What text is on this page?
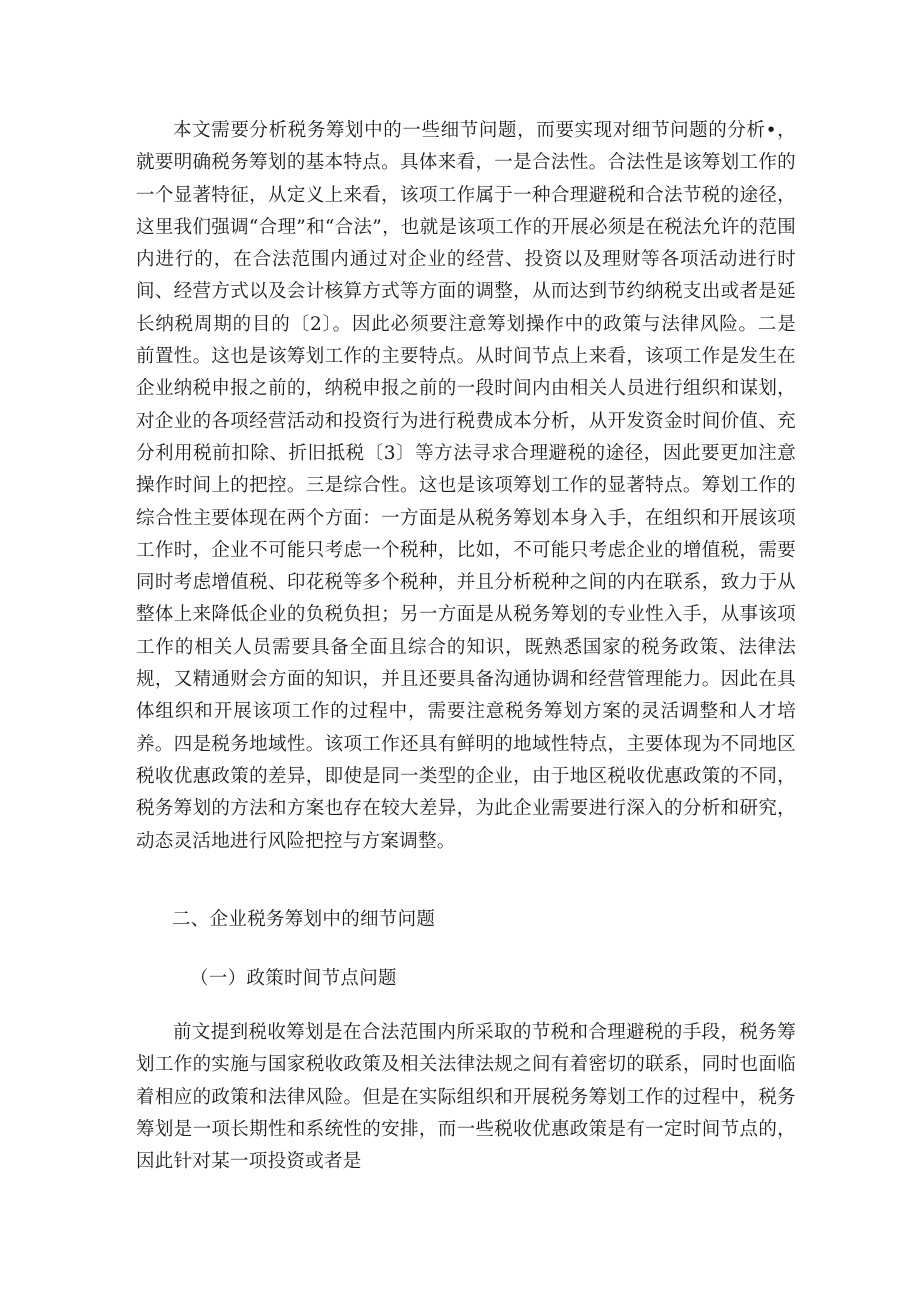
本文需要分析税务筹划中的一些细节问题，而要实现对细节问题的分析•，就要明确税务筹划的基本特点。具体来看，一是合法性。合法性是该筹划工作的一个显著特征，从定义上来看，该项工作属于一种合理避税和合法节税的途径，这里我们强调“合理”和“合法”，也就是该项工作的开展必须是在税法允许的范围内进行的，在合法范围内通过对企业的经营、投资以及理财等各项活动进行时间、经营方式以及会计核算方式等方面的调整，从而达到节约纳税支出或者是延长纳税周期的目的〔2〕。因此必须要注意筹划操作中的政策与法律风险。二是前置性。这也是该筹划工作的主要特点。从时间节点上来看，该项工作是发生在企业纳税申报之前的，纳税申报之前的一段时间内由相关人员进行组织和谋划，对企业的各项经营活动和投资行为进行税费成本分析，从开发资金时间价值、充分利用税前扣除、折旧抵税〔3〕等方法寻求合理避税的途径，因此要更加注意操作时间上的把控。三是综合性。这也是该项筹划工作的显著特点。筹划工作的综合性主要体现在两个方面：一方面是从税务筹划本身入手，在组织和开展该项工作时，企业不可能只考虑一个税种，比如，不可能只考虑企业的增值税，需要同时考虑增值税、印花税等多个税种，并且分析税种之间的内在联系，致力于从整体上来降低企业的负税负担；另一方面是从税务筹划的专业性入手，从事该项工作的相关人员需要具备全面且综合的知识，既熟悉国家的税务政策、法律法规，又精通财会方面的知识，并且还要具备沟通协调和经营管理能力。因此在具体组织和开展该项工作的过程中，需要注意税务筹划方案的灵活调整和人才培养。四是税务地域性。该项工作还具有鲜明的地域性特点，主要体现为不同地区税收优惠政策的差异，即使是同一类型的企业，由于地区税收优惠政策的不同，税务筹划的方法和方案也存在较大差异，为此企业需要进行深入的分析和研究，动态灵活地进行风险把控与方案调整。

二、企业税务筹划中的细节问题

（一）政策时间节点问题

前文提到税收筹划是在合法范围内所采取的节税和合理避税的手段，税务筹划工作的实施与国家税收政策及相关法律法规之间有着密切的联系，同时也面临着相应的政策和法律风险。但是在实际组织和开展税务筹划工作的过程中，税务筹划是一项长期性和系统性的安排，而一些税收优惠政策是有一定时间节点的，因此针对某一项投资或者是
